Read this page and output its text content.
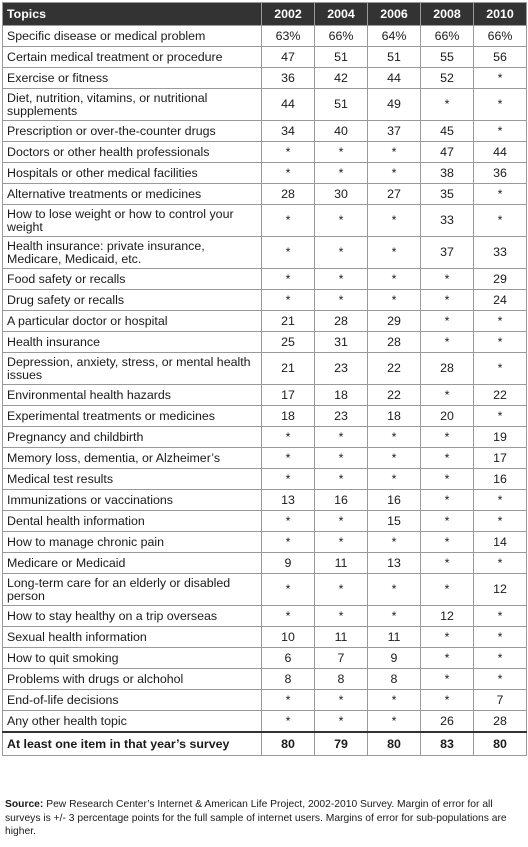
Topics	2002	2004	2006	2008	2010
Specific disease or medical problem	63%	66%	64%	66%	66%
Certain medical treatment or procedure	47	51	51	55	56
Exercise or fitness	36	42	44	52	*
Diet, nutrition, vitamins, or nutritional supplements	44	51	49	*	*
Prescription or over-the-counter drugs	34	40	37	45	*
Doctors or other health professionals	*	*	*	47	44
Hospitals or other medical facilities	*	*	*	38	36
Alternative treatments or medicines	28	30	27	35	*
How to lose weight or how to control your weight	*	*	*	33	*
Health insurance: private insurance, Medicare, Medicaid, etc.	*	*	*	37	33
Food safety or recalls	*	*	*	*	29
Drug safety or recalls	*	*	*	*	24
A particular doctor or hospital	21	28	29	*	*
Health insurance	25	31	28	*	*
Depression, anxiety, stress, or mental health issues	21	23	22	28	*
Environmental health hazards	17	18	22	*	22
Experimental treatments or medicines	18	23	18	20	*
Pregnancy and childbirth	*	*	*	*	19
Memory loss, dementia, or Alzheimer’s	*	*	*	*	17
Medical test results	*	*	*	*	16
Immunizations or vaccinations	13	16	16	*	*
Dental health information	*	*	15	*	*
How to manage chronic pain	*	*	*	*	14
Medicare or Medicaid	9	11	13	*	*
Long-term care for an elderly or disabled person	*	*	*	*	12
How to stay healthy on a trip overseas	*	*	*	12	*
Sexual health information	10	11	11	*	*
How to quit smoking	6	7	9	*	*
Problems with drugs or alchohol	8	8	8	*	*
End-of-life decisions	*	*	*	*	7
Any other health topic	*	*	*	26	28
At least one item in that year’s survey	80	79	80	83	80
Source: Pew Research Center’s Internet & American Life Project, 2002-2010 Survey. Margin of error for all surveys is +/- 3 percentage points for the full sample of internet users. Margins of error for sub-populations are higher.
